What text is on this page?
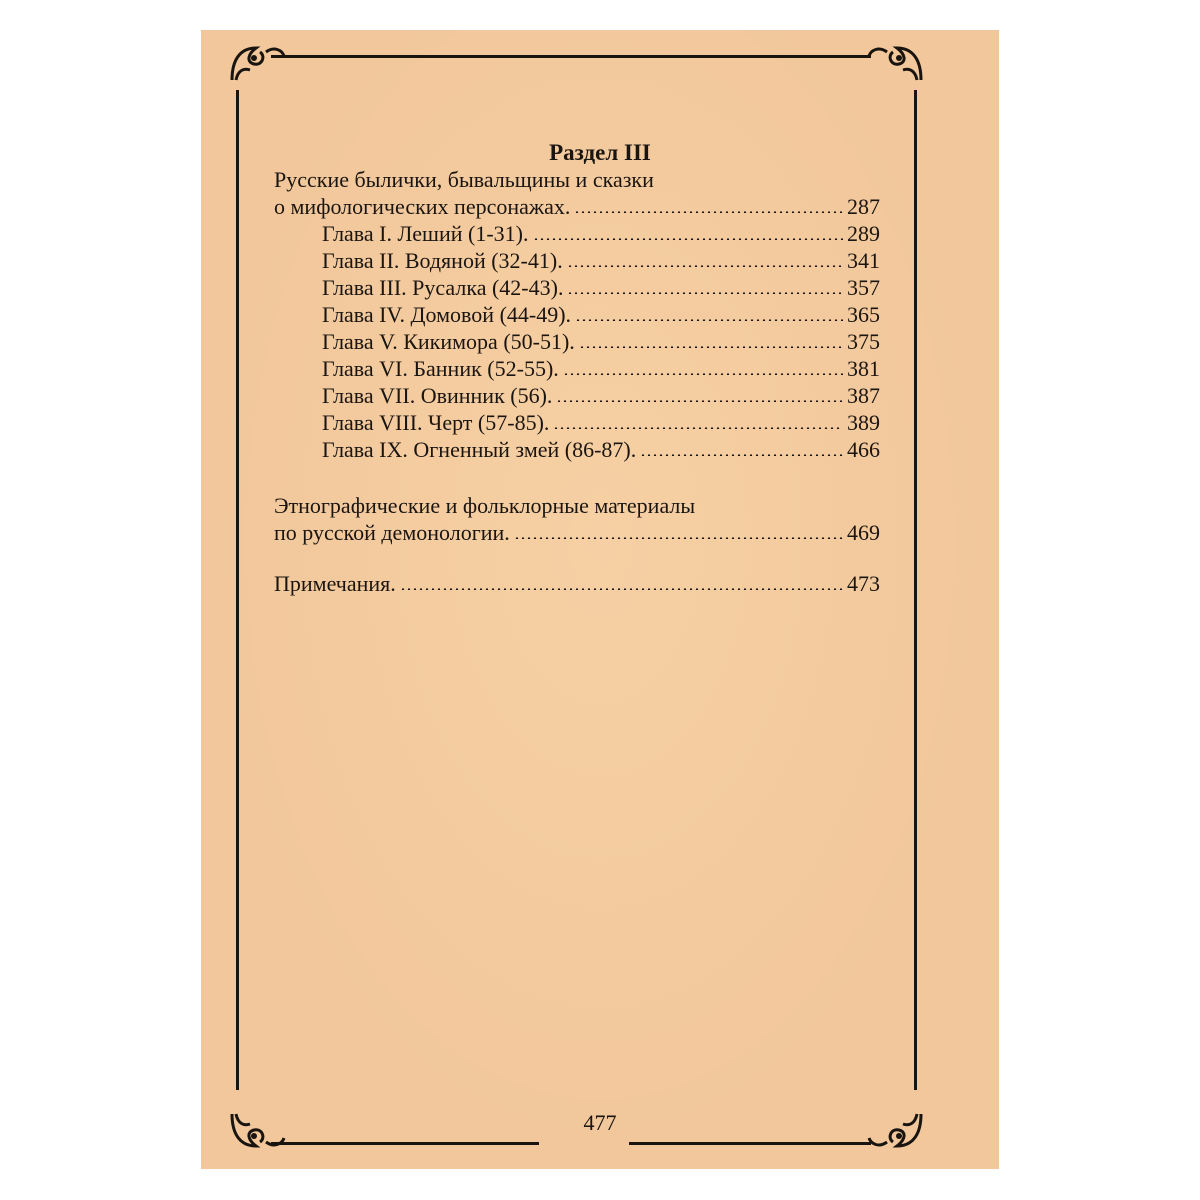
Раздел III
Русские былички, бывальщины и сказки
о мифологических персонажах.	287
Глава I. Леший (1-31).	289
Глава II. Водяной (32-41).	341
Глава III. Русалка (42-43).	357
Глава IV. Домовой (44-49).	365
Глава V. Кикимора (50-51).	375
Глава VI. Банник (52-55).	381
Глава VII. Овинник (56).	387
Глава VIII. Черт (57-85).	389
Глава IX. Огненный змей (86-87).	466
Этнографические и фольклорные материалы
по русской демонологии.	469
Примечания.	473
477
